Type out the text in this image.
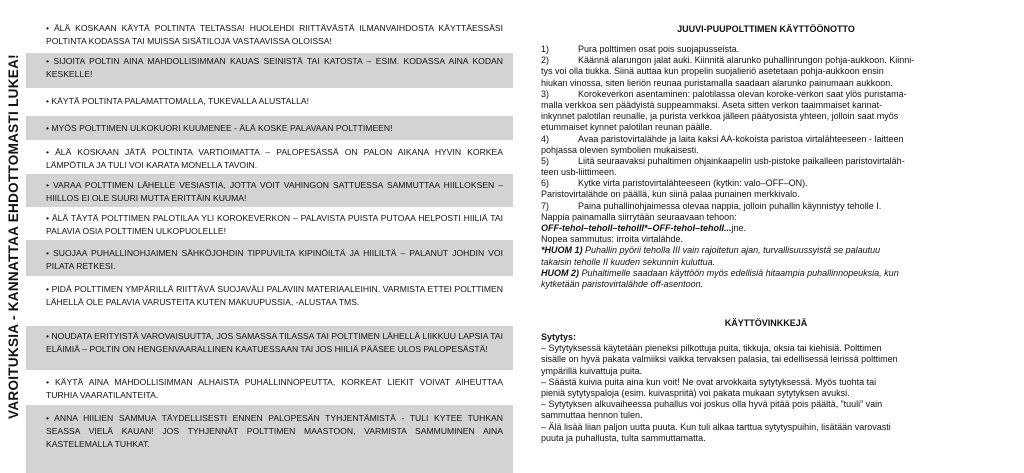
VAROITUKSIA - KANNATTAA EHDOTTOMASTI LUKEA!
• ÄLÄ KOSKAAN KÄYTÄ POLTINTA TELTASSA! HUOLEHDI RIITTÄVÄSTÄ ILMANVAIHDOSTA KÄYTTÄESSÄSI POLTINTA KODASSA TAI MUISSA SISÄTILOJA VASTAAVISSA OLOISSA!
• SIJOITA POLTIN AINA MAHDOLLISIMMAN KAUAS SEINISTÄ TAI KATOSTA – ESIM. KODASSA AINA KODAN KESKELLE!
• KÄYTÄ POLTINTA PALAMATTOMALLA, TUKEVALLA ALUSTALLA!
• MYÖS POLTTIMEN ULKOKUORI KUUMENEE - ÄLÄ KOSKE PALAVAAN POLTTIMEEN!
• ÄLÄ KOSKAAN JÄTÄ POLTINTA VARTIOIMATTA – PALOPESÄSSÄ ON PALON AIKANA HYVIN KORKEA LÄMPÖTILA JA TULI VOI KARATA MONELLA TAVOIN.
• VARAA POLTTIMEN LÄHELLE VESIASTIA, JOTTA VOIT VAHINGON SATTUESSA SAMMUTTAA HIILLOKSEN – HIILLOS EI OLE SUURI MUTTA ERITTÄIN KUUMA!
• ÄLÄ TÄYTÄ POLTTIMEN PALOTILAA YLI KOROKEVERKON – PALAVISTA PUISTA PUTOAA HELPOSTI HIILIÄ TAI PALAVIA OSIA POLTTIMEN ULKOPUOLELLE!
• SUOJAA PUHALLINOHJAIMEN SÄHKÖJOHDIN TIPPUVILTA KIPINÖILTÄ JA HIILILTÄ – PALANUT JOHDIN VOI PILATA RETKESI.
• PIDÄ POLTTIMEN YMPÄRILLÄ RIITTÄVÄ SUOJAVÄLI PALAVIIN MATERIAALEIHIN. VARMISTA ETTEI POLTTIMEN LÄHELLÄ OLE PALAVIA VARUSTEITA KUTEN MAKUUPUSSIA, -ALUSTAA TMS.
• NOUDATA ERITYISTÄ VAROVAISUUTTA, JOS SAMASSA TILASSA TAI POLTTIMEN LÄHELLÄ LIIKKUU LAPSIA TAI ELÄIMIÄ – POLTIN ON HENGENVAARALLINEN KAATUESSAAN TAI JOS HIILIÄ PÄÄSEE ULOS PALOPESÄSTÄ!
• KÄYTÄ AINA MAHDOLLISIMMAN ALHAISTA PUHALLINNOPEUTTA, KORKEAT LIEKIT VOIVAT AIHEUTTAA TURHIA VAARATILANTEITA.
• ANNA HIILIEN SAMMUA TÄYDELLISESTI ENNEN PALOPESÄN TYHJENTÄMISTÄ - TULI KYTEE TUHKAN SEASSA VIELÄ KAUAN! JOS TYHJENNÄT POLTTIMEN MAASTOON, VARMISTA SAMMUMINEN AINA KASTELEMALLA TUHKAT.
JUUVI-PUUPOLTTIMEN KÄYTTÖÖNOTTO
1)	Pura polttimen osat pois suojapusseista.
2)	Käännä alarungon jalat auki. Kiinnitä alarunko puhallinrungon pohja-aukkoon. Kiinni-
tys voi olla tiukka. Siinä auttaa kun propelin suojalieriö asetetaan pohja-aukkoon ensin
hiukan vinossa, siten lieriön reunaa puristamalla saadaan alarunko painumaan aukkoon.
3)	Korokeverkon asentaminen: palotilassa olevan koroke-verkon saat ylös puristama-
malla verkkoa sen päädyistä suppeammaksi. Aseta sitten verkon taaimmaiset kannat-
inkynnet palotilan reunalle, ja purista verkkoa jälleen päätyosista yhteen, jolloin saat myös
etummaiset kynnet palotilan reunan päälle.
4)	Avaa paristovirtalähde ja laita kaksi AA-kokoista paristoa virtalähteeseen - laitteen
pohjassa olevien symbolien mukaisesti.
5)	Liitä seuraavaksi puhaltimen ohjainkaapelin usb-pistoke paikalleen paristovirtaläh-
teen usb-liittimeen.
6)	Kytke virta paristovirtalähteeseen (kytkin: valo–OFF–ON).
Paristovirtalähde on päällä, kun siinä palaa punainen merkkivalo.
7)	Paina puhallinohjaimessa olevaa nappia, jolloin puhallin käynnistyy teholle I.
Nappia painamalla siirrytään seuraavaan tehoon:
OFF-tehoI–tehoII–tehoIII*–OFF-tehoI–tehoII...jne.
Nopea sammutus: irroita virtalähde.
*HUOM 1) Puhallin pyörii teholla III vain rajoitetun ajan, turvallisuussyistä se palautuu
takaisin teholle II kuuden sekunnin kuluttua.
HUOM 2) Puhaltimelle saadaan käyttöön myös edellisiä hitaampia puhallinnopeuksia, kun
kytketään paristovirtalähde off-asentoon.
KÄYTTÖVINKKEJÄ
Sytytys:
– Sytytyksessä käytetään pieneksi pilkottuja puita, tikkuja, oksia tai kiehisiä. Polttimen
sisälle on hyvä pakata valmiiksi vaikka tervaksen palasia, tai edellisessä leirissä polttimen
ympärillä kuivattuja puita.
– Säästä kuivia puita aina kun voit! Ne ovat arvokkaita sytytyksessä. Myös tuohta tai
pieniä sytytyspaloja (esim. kuivaspriitä) voi pakata mukaan sytytyksen avuksi.
– Sytytyksen alkuvaiheessa puhallus voi joskus olla hyvä pitää pois päältä, ”tuuli” vain
sammuttaa hennon tulen.
– Älä lisää liian paljon uutta puuta. Kun tuli alkaa tarttua sytytyspuihin, lisätään varovasti
puuta ja puhallusta, tulta sammuttamatta.
